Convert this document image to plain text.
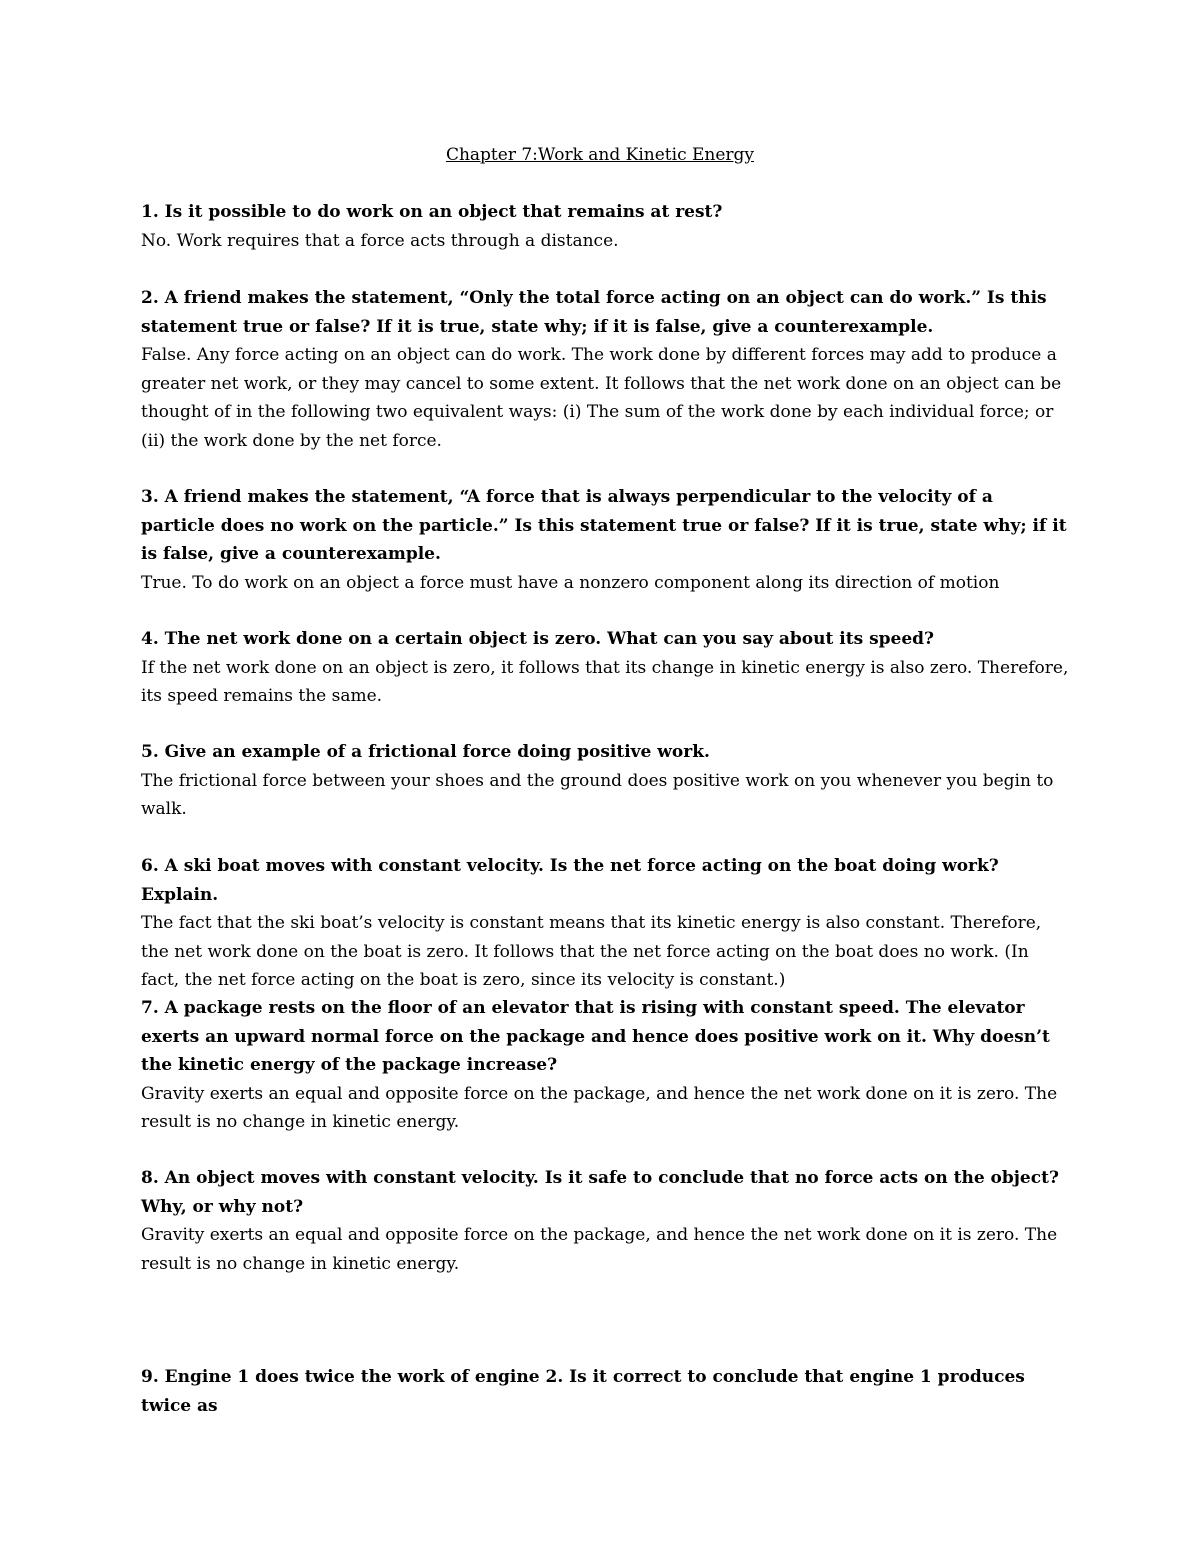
Chapter 7:Work and Kinetic Energy

1. Is it possible to do work on an object that remains at rest?

No. Work requires that a force acts through a distance.

2. A friend makes the statement, “Only the total force acting on an object can do work.” Is this statement true or false? If it is true, state why; if it is false, give a counterexample.

False. Any force acting on an object can do work. The work done by different forces may add to produce a greater net work, or they may cancel to some extent. It follows that the net work done on an object can be thought of in the following two equivalent ways: (i) The sum of the work done by each individual force; or (ii) the work done by the net force.

3. A friend makes the statement, “A force that is always perpendicular to the velocity of a particle does no work on the particle.” Is this statement true or false? If it is true, state why; if it is false, give a counterexample.

True. To do work on an object a force must have a nonzero component along its direction of motion

4. The net work done on a certain object is zero. What can you say about its speed?

If the net work done on an object is zero, it follows that its change in kinetic energy is also zero. Therefore, its speed remains the same.

5. Give an example of a frictional force doing positive work.

The frictional force between your shoes and the ground does positive work on you whenever you begin to walk.

6. A ski boat moves with constant velocity. Is the net force acting on the boat doing work? Explain.

The fact that the ski boat’s velocity is constant means that its kinetic energy is also constant. Therefore, the net work done on the boat is zero. It follows that the net force acting on the boat does no work. (In fact, the net force acting on the boat is zero, since its velocity is constant.)

7. A package rests on the floor of an elevator that is rising with constant speed. The elevator exerts an upward normal force on the package and hence does positive work on it. Why doesn’t the kinetic energy of the package increase?

Gravity exerts an equal and opposite force on the package, and hence the net work done on it is zero. The result is no change in kinetic energy.

8. An object moves with constant velocity. Is it safe to conclude that no force acts on the object? Why, or why not?

Gravity exerts an equal and opposite force on the package, and hence the net work done on it is zero. The result is no change in kinetic energy.

9. Engine 1 does twice the work of engine 2. Is it correct to conclude that engine 1 produces twice as
